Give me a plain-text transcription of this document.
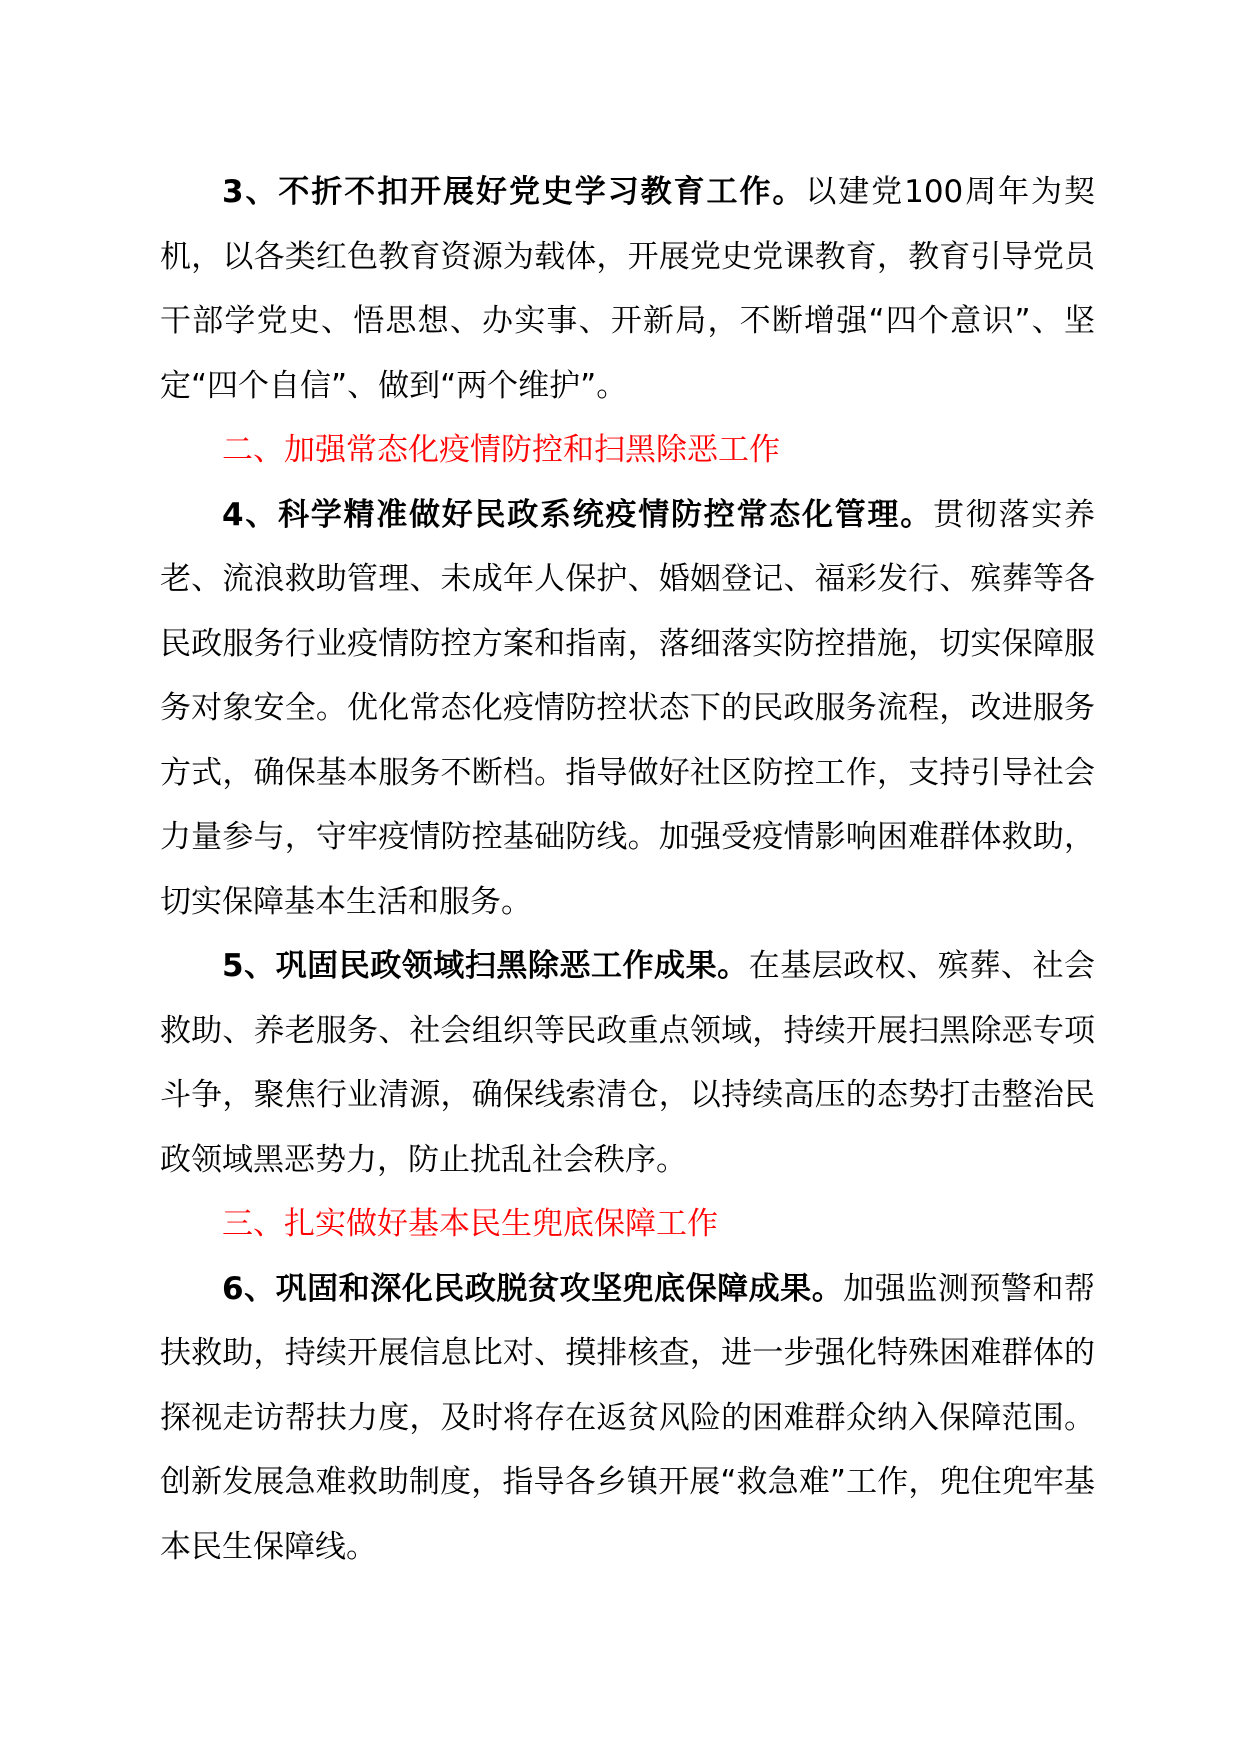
3、不折不扣开展好党史学习教育工作。以建党100周年为契机，以各类红色教育资源为载体，开展党史党课教育，教育引导党员干部学党史、悟思想、办实事、开新局，不断增强“四个意识”、坚定“四个自信”、做到“两个维护”。

二、加强常态化疫情防控和扫黑除恶工作

4、科学精准做好民政系统疫情防控常态化管理。贯彻落实养老、流浪救助管理、未成年人保护、婚姻登记、福彩发行、殡葬等各民政服务行业疫情防控方案和指南，落细落实防控措施，切实保障服务对象安全。优化常态化疫情防控状态下的民政服务流程，改进服务方式，确保基本服务不断档。指导做好社区防控工作，支持引导社会力量参与，守牢疫情防控基础防线。加强受疫情影响困难群体救助，切实保障基本生活和服务。

5、巩固民政领域扫黑除恶工作成果。在基层政权、殡葬、社会救助、养老服务、社会组织等民政重点领域，持续开展扫黑除恶专项斗争，聚焦行业清源，确保线索清仓，以持续高压的态势打击整治民政领域黑恶势力，防止扰乱社会秩序。

三、扎实做好基本民生兜底保障工作

6、巩固和深化民政脱贫攻坚兜底保障成果。加强监测预警和帮扶救助，持续开展信息比对、摸排核查，进一步强化特殊困难群体的探视走访帮扶力度，及时将存在返贫风险的困难群众纳入保障范围。创新发展急难救助制度，指导各乡镇开展“救急难”工作，兜住兜牢基本民生保障线。
